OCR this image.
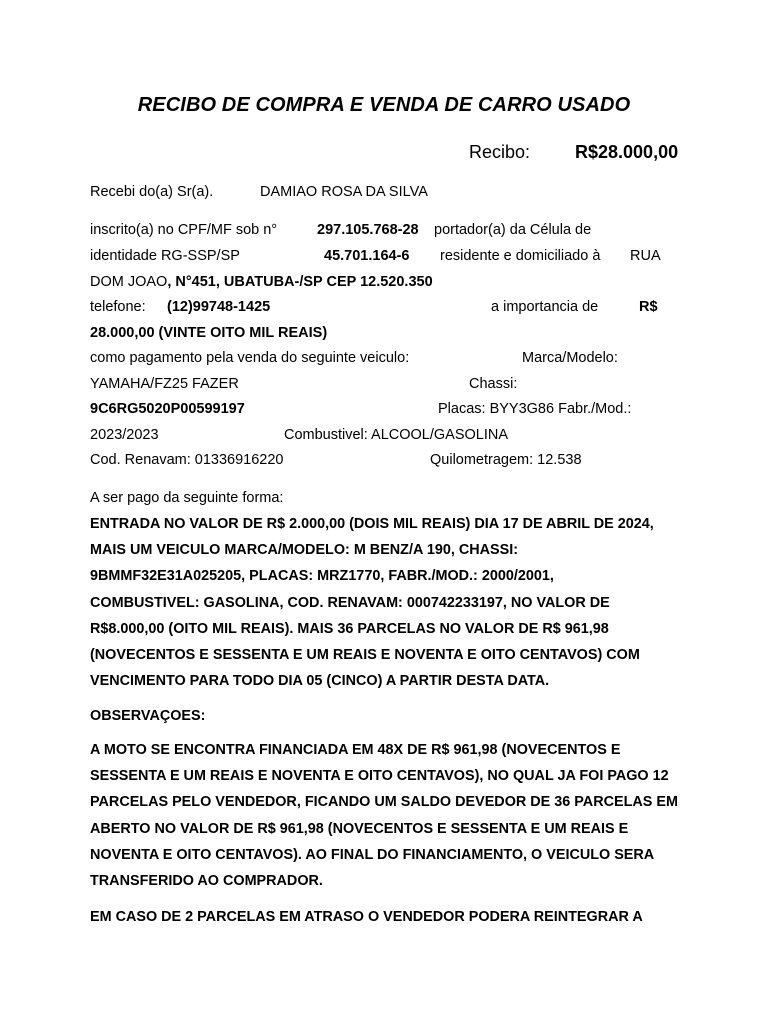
RECIBO DE COMPRA E VENDA DE CARRO USADO
Recibo: R$28.000,00
Recebi do(a) Sr(a).	DAMIAO ROSA DA SILVA
inscrito(a) no CPF/MF sob n°	297.105.768-28 portador(a) da Célula de
identidade RG-SSP/SP	45.701.164-6 residente e domiciliado à RUA
DOM JOAO, N°451, UBATUBA-/SP CEP 12.520.350
telefone: (12)99748-1425	a importancia de	R$
28.000,00 (VINTE OITO MIL REAIS)
como pagamento pela venda do seguinte veiculo:	Marca/Modelo:
YAMAHA/FZ25 FAZER	Chassi:
9C6RG5020P00599197	Placas: BYY3G86 Fabr./Mod.:
2023/2023	Combustivel: ALCOOL/GASOLINA
Cod. Renavam: 01336916220	Quilometragem: 12.538
A ser pago da seguinte forma:
ENTRADA NO VALOR DE R$ 2.000,00 (DOIS MIL REAIS) DIA 17 DE ABRIL DE 2024,
MAIS UM VEICULO MARCA/MODELO: M BENZ/A 190, CHASSI:
9BMMF32E31A025205, PLACAS: MRZ1770, FABR./MOD.: 2000/2001,
COMBUSTIVEL: GASOLINA, COD. RENAVAM: 000742233197, NO VALOR DE
R$8.000,00 (OITO MIL REAIS). MAIS 36 PARCELAS NO VALOR DE R$ 961,98
(NOVECENTOS E SESSENTA E UM REAIS E NOVENTA E OITO CENTAVOS) COM
VENCIMENTO PARA TODO DIA 05 (CINCO) A PARTIR DESTA DATA.
OBSERVAÇOES:
A MOTO SE ENCONTRA FINANCIADA EM 48X DE R$ 961,98 (NOVECENTOS E
SESSENTA E UM REAIS E NOVENTA E OITO CENTAVOS), NO QUAL JA FOI PAGO 12
PARCELAS PELO VENDEDOR, FICANDO UM SALDO DEVEDOR DE 36 PARCELAS EM
ABERTO NO VALOR DE R$ 961,98 (NOVECENTOS E SESSENTA E UM REAIS E
NOVENTA E OITO CENTAVOS). AO FINAL DO FINANCIAMENTO, O VEICULO SERA
TRANSFERIDO AO COMPRADOR.
EM CASO DE 2 PARCELAS EM ATRASO O VENDEDOR PODERA REINTEGRAR A
